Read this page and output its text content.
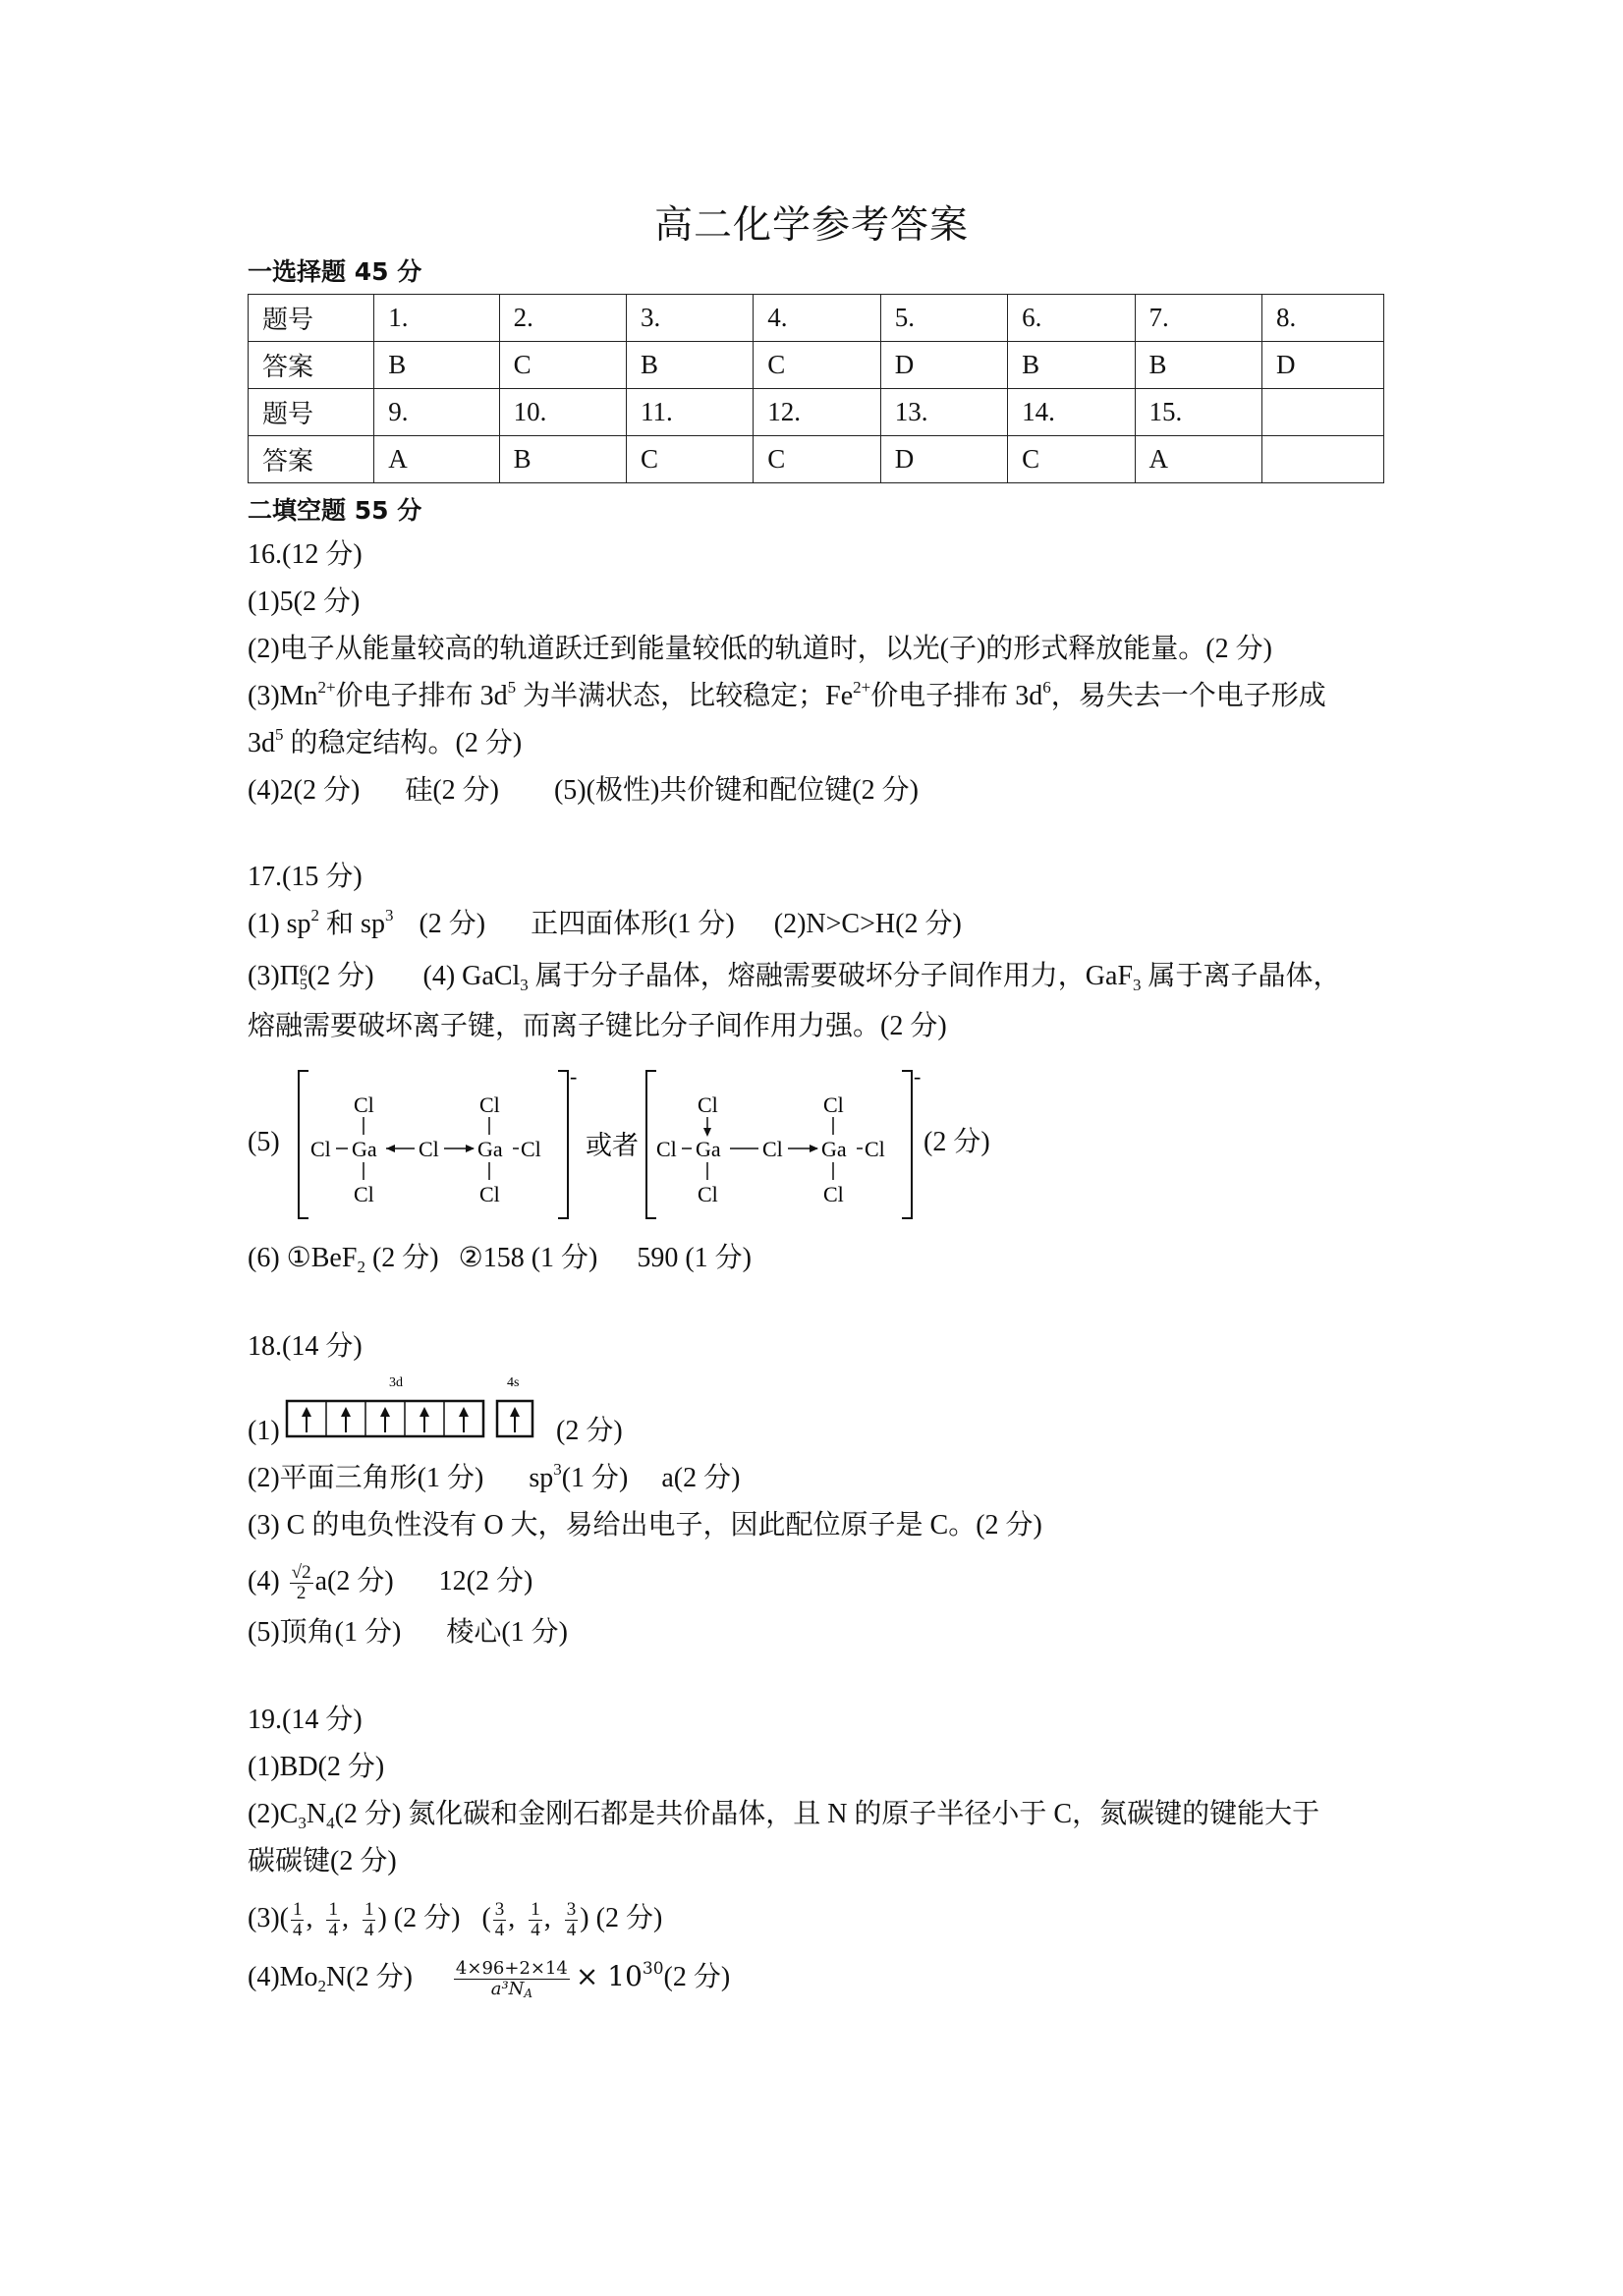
高二化学参考答案
一选择题 45 分
题号	1.	2.	3.	4.	5.	6.	7.	8.
答案	B	C	B	C	D	B	B	D
题号	9.	10.	11.	12.	13.	14.	15.	
答案	A	B	C	C	D	C	A	
二填空题 55 分
16.(12 分)
(1)5(2 分)
(2)电子从能量较高的轨道跃迁到能量较低的轨道时，以光(子)的形式释放能量。(2 分)
$(3)Mn^{2+}$价电子排布 $3d^5$ 为半满状态，比较稳定；$Fe^{2+}$价电子排布 $3d^6$，易失去一个电子形成
$3d^5$ 的稳定结构。(2 分)
(4)2(2 分) 硅(2 分) (5)(极性)共价键和配位键(2 分)
17.(15 分)
(1) $sp^2$ 和 $sp^3$ (2 分) 正四面体形(1 分) (2)N>C>H(2 分)
(3)Π 6
5 (2 分) (4) GaCl$_3$ 属于分子晶体，熔融需要破坏分子间作用力，GaF$_3$ 属于离子晶体，
熔融需要破坏离子键，而离子键比分子间作用力强。(2 分)
(5)
-
Cl
Cl Ga Cl Ga Cl
Cl
Cl	Cl
或者
-
Cl
Cl Ga Cl Ga Cl
Cl
Cl	Cl
(2 分)
(6) ①BeF$_2$ (2 分) ②158 (1 分) 590 (1 分)
18.(14 分)
(1)
3d	4s
(2 分)
(2)平面三角形(1 分) $sp^3(1$ 分) a(2 分)
(3) C 的电负性没有 O 大，易给出电子，因此配位原子是 C。(2 分)
$(4) \frac{√2}{2} a(2$ 分) 12(2 分)
(5)顶角(1 分) 棱心(1 分)
19.(14 分)
(1)BD(2 分)
$(2)C_3N_4(2$ 分) 氮化碳和金刚石都是共价晶体，且 N 的原子半径小于 C，氮碳键的键能大于
碳碳键(2 分)
$(3)( \frac{1}{4}$ , $\frac{1}{4}$ , $\frac{1}{4}$ ) (2 分) ( $\frac{3}{4}$ , $\frac{1}{4}$ , $\frac{3}{4}$ ) (2 分)
$(4)Mo_2N(2$ 分) $\frac{4\times 96+2\times 14}{a^3N_A} \times 10^{30}(2$ 分)
